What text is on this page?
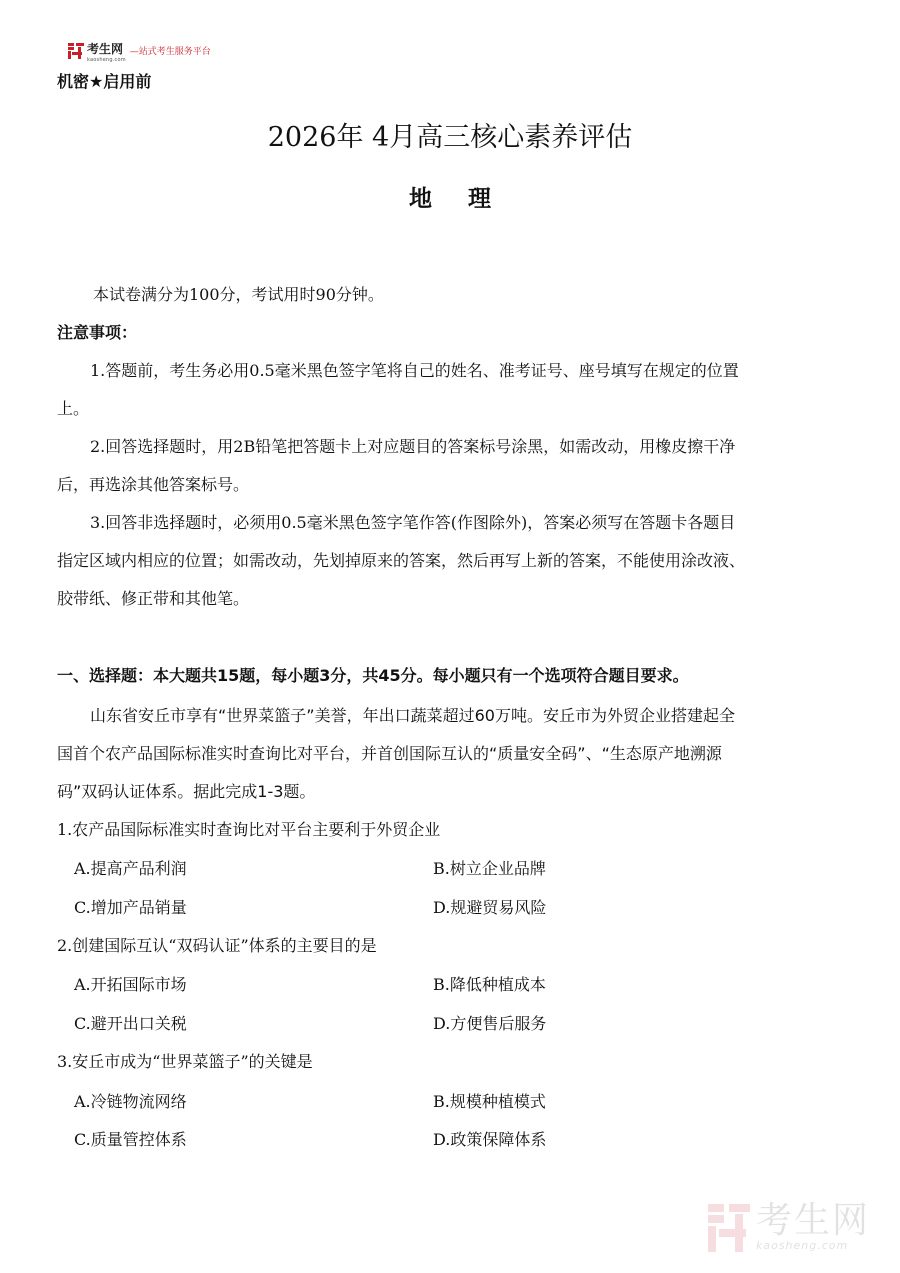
考生网
kaosheng.com
—站式考生服务平台
机密★启用前
2026年 4月高三核心素养评估
地理
本试卷满分为100分，考试用时90分钟。
注意事项：
1.答题前，考生务必用0.5毫米黑色签字笔将自己的姓名、准考证号、座号填写在规定的位置
上。
2.回答选择题时，用2B铅笔把答题卡上对应题目的答案标号涂黑，如需改动，用橡皮擦干净
后，再选涂其他答案标号。
3.回答非选择题时，必须用0.5毫米黑色签字笔作答(作图除外)，答案必须写在答题卡各题目
指定区域内相应的位置；如需改动，先划掉原来的答案，然后再写上新的答案，不能使用涂改液、
胶带纸、修正带和其他笔。
一、选择题：本大题共15题，每小题3分，共45分。每小题只有一个选项符合题目要求。
山东省安丘市享有“世界菜篮子”美誉，年出口蔬菜超过60万吨。安丘市为外贸企业搭建起全
国首个农产品国际标准实时查询比对平台，并首创国际互认的“质量安全码”、“生态原产地溯源
码”双码认证体系。据此完成1-3题。
1.农产品国际标准实时查询比对平台主要利于外贸企业
A.提高产品利润	B.树立企业品牌
C.增加产品销量	D.规避贸易风险
2.创建国际互认“双码认证”体系的主要目的是
A.开拓国际市场	B.降低种植成本
C.避开出口关税	D.方便售后服务
3.安丘市成为“世界菜篮子”的关键是
A.冷链物流网络	B.规模种植模式
C.质量管控体系	D.政策保障体系
考生网
kaosheng.com
